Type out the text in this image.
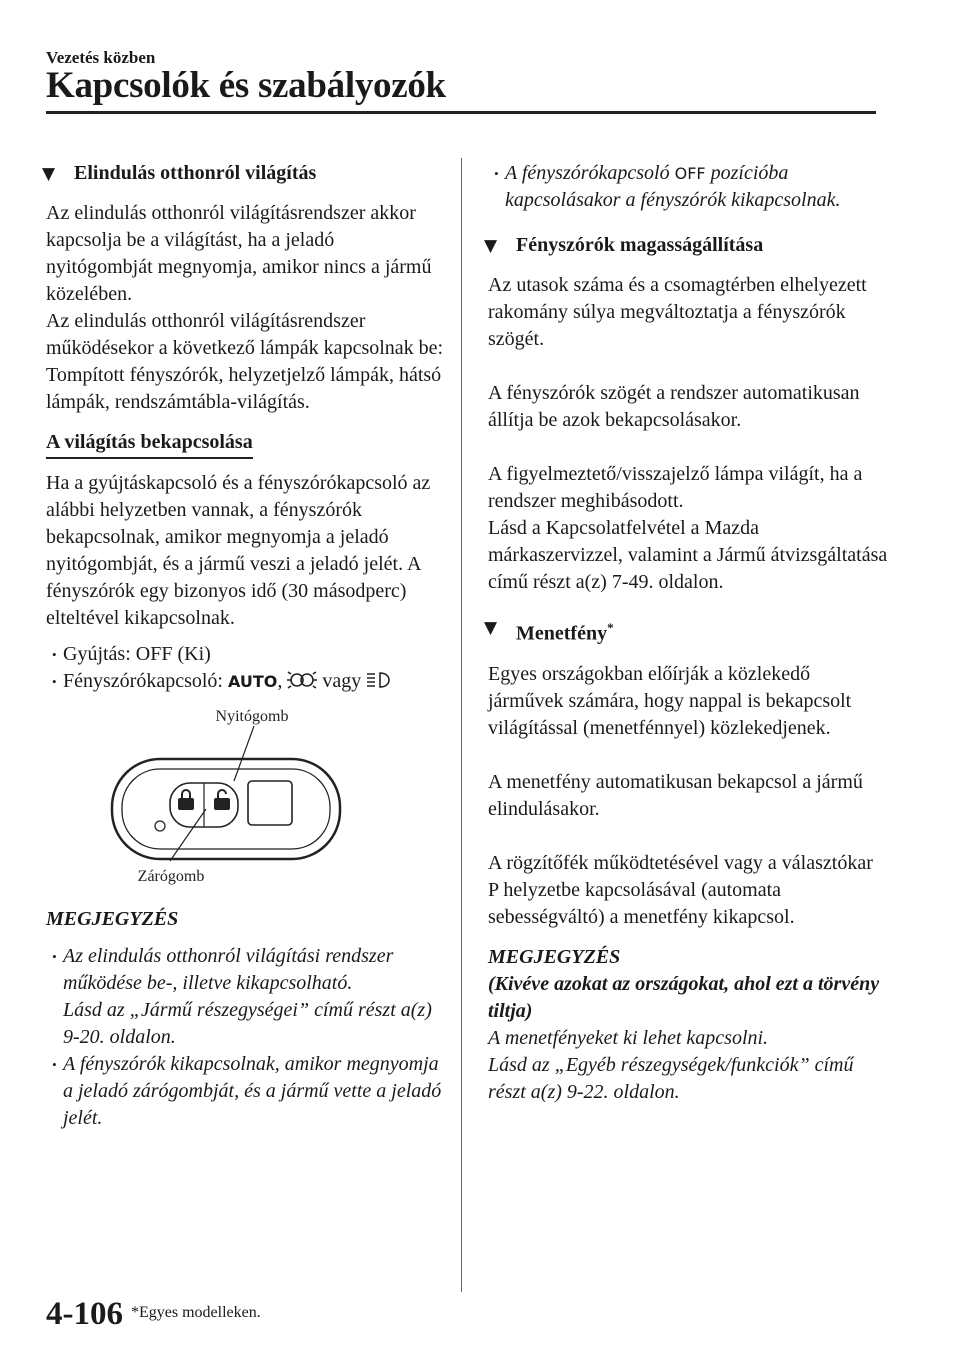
Vezetés közben
Kapcsolók és szabályozók
▼ Elindulás otthonról világítás

Az elindulás otthonról világításrendszer akkor kapcsolja be a világítást, ha a jeladó nyitógombját megnyomja, amikor nincs a jármű közelében.

Az elindulás otthonról világításrendszer működésekor a következő lámpák kapcsolnak be:

Tompított fényszórók, helyzetjelző lámpák, hátsó lámpák, rendszámtábla-világítás.

A világítás bekapcsolása

Ha a gyújtáskapcsoló és a fényszórókapcsoló az alábbi helyzetben vannak, a fényszórók bekapcsolnak, amikor megnyomja a jeladó nyitógombját, és a jármű veszi a jeladó jelét. A fényszórók egy bizonyos idő (30 másodperc) elteltével kikapcsolnak.

• Gyújtás: OFF (Ki)
• Fényszórókapcsoló: AUTO,  vagy
Nyitógomb
Zárógomb
MEGJEGYZÉS
• Az elindulás otthonról világítási rendszer működése be-, illetve kikapcsolható.
Lásd az „Jármű részegységei” című részt a(z) 9-20. oldalon.
• A fényszórók kikapcsolnak, amikor megnyomja a jeladó zárógombját, és a jármű vette a jeladó jelét.
• A fényszórókapcsoló OFF pozícióba kapcsolásakor a fényszórók kikapcsolnak.
▼ Fényszórók magasságállítása

Az utasok száma és a csomagtérben elhelyezett rakomány súlya megváltoztatja a fényszórók szögét.

A fényszórók szögét a rendszer automatikusan állítja be azok bekapcsolásakor.

A figyelmeztető/visszajelző lámpa világít, ha a rendszer meghibásodott.

Lásd a Kapcsolatfelvétel a Mazda márkaszervizzel, valamint a Jármű átvizsgáltatása című részt a(z) 7-49. oldalon.

▼ Menetfény*

Egyes országokban előírják a közlekedő járművek számára, hogy nappal is bekapcsolt világítással (menetfénnyel) közlekedjenek.

A menetfény automatikusan bekapcsol a jármű elindulásakor.

A rögzítőfék működtetésével vagy a választókar P helyzetbe kapcsolásával (automata sebességváltó) a menetfény kikapcsol.

MEGJEGYZÉS
(Kivéve azokat az országokat, ahol ezt a törvény tiltja)

A menetfényeket ki lehet kapcsolni.

Lásd az „Egyéb részegységek/funkciók” című részt a(z) 9-22. oldalon.

4-106 *Egyes modelleken.
